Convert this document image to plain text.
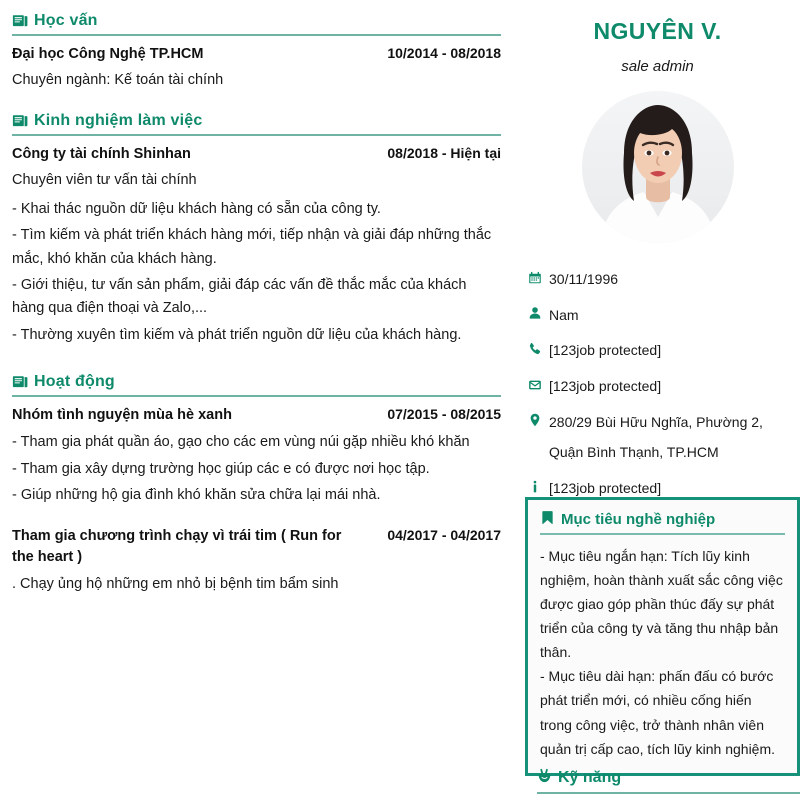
Học vấn
Đại học Công Nghệ TP.HCM	10/2014 - 08/2018
Chuyên ngành: Kế toán tài chính
Kinh nghiệm làm việc
Công ty tài chính Shinhan	08/2018 - Hiện tại
Chuyên viên tư vấn tài chính
- Khai thác nguồn dữ liệu khách hàng có sẵn của công ty.
- Tìm kiếm và phát triển khách hàng mới, tiếp nhận và giải đáp những thắc mắc, khó khăn của khách hàng.
- Giới thiệu, tư vấn sản phẩm, giải đáp các vấn đề thắc mắc của khách hàng qua điện thoại và Zalo,...
- Thường xuyên tìm kiếm và phát triển nguồn dữ liệu của khách hàng.
Hoạt động
Nhóm tình nguyện mùa hè xanh	07/2015 - 08/2015
- Tham gia phát quần áo, gạo cho các em vùng núi gặp nhiều khó khăn
- Tham gia xây dựng trường học giúp các e có được nơi học tập.
- Giúp những hộ gia đình khó khăn sửa chữa lại mái nhà.
Tham gia chương trình chạy vì trái tim ( Run for the heart )
04/2017 - 04/2017
. Chạy ủng hộ những em nhỏ bị bệnh tim bẩm sinh
NGUYÊN V.
sale admin
30/11/1996
Nam
[123job protected]
[123job protected]
280/29 Bùi Hữu Nghĩa, Phường 2,
Quận Bình Thạnh, TP.HCM
[123job protected]
Mục tiêu nghề nghiệp

- Mục tiêu ngắn hạn: Tích lũy kinh nghiệm, hoàn thành xuất sắc công việc được giao góp phần thúc đấy sự phát triển của công ty và tăng thu nhập bản thân.

- Mục tiêu dài hạn: phấn đấu có bước phát triển mới, có nhiều cống hiến trong công việc, trở thành nhân viên quản trị cấp cao, tích lũy kinh nghiệm.

Kỹ năng
